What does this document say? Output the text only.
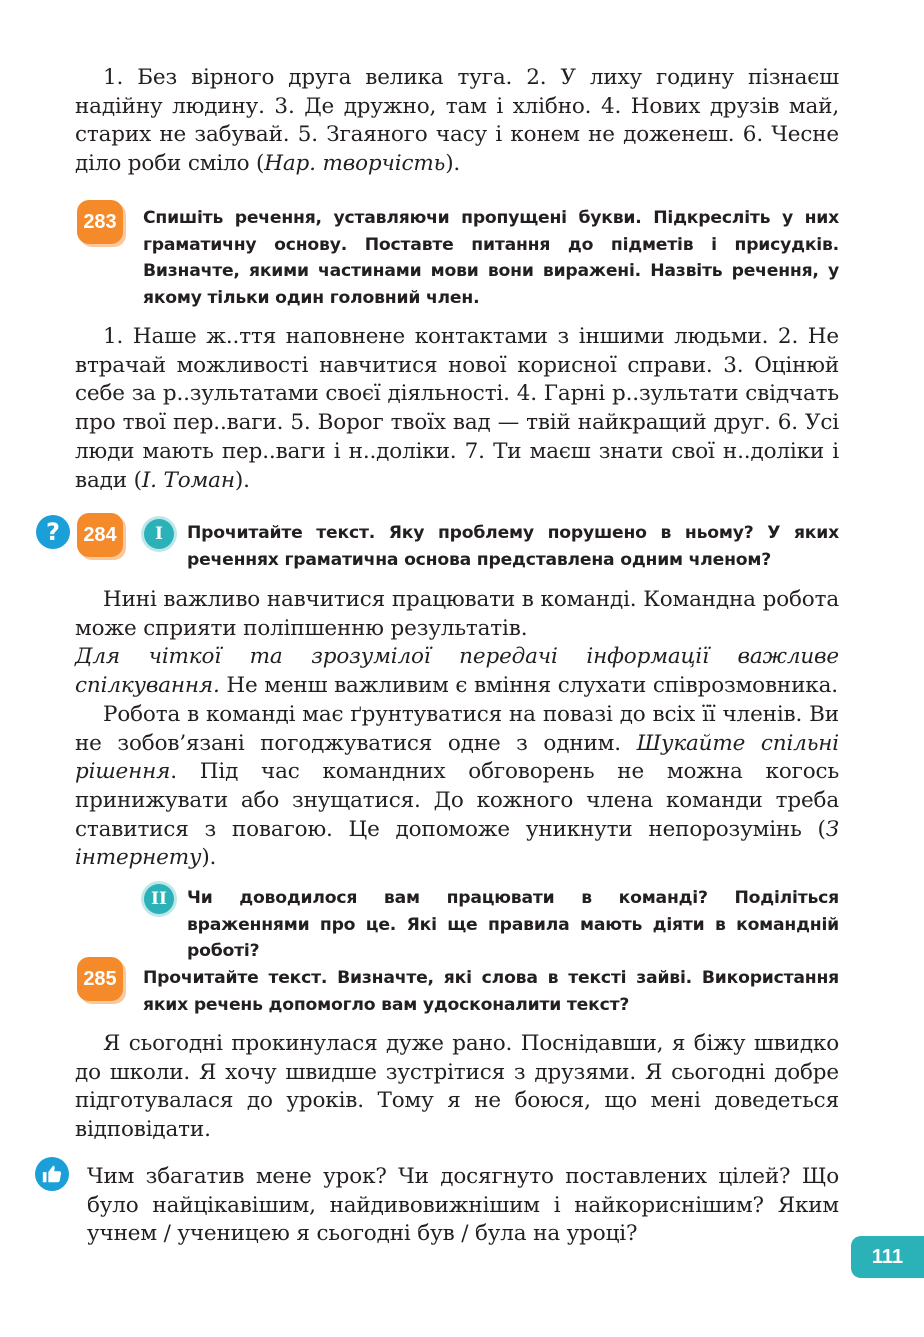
1. Без вірного друга велика туга. 2. У лиху годину пізнаєш надійну людину. 3. Де дружно, там і хлібно. 4. Нових друзів май, старих не забувай. 5. Згаяного часу і конем не доженеш. 6. Чесне діло роби сміло (Нар. творчість).

283	Спишіть речення, уставляючи пропущені букви. Підкресліть у них граматичну основу. Поставте питання до підметів і присудків. Визначте, якими частинами мови вони виражені. Назвіть речення, у якому тільки один головний член.

1. Наше ж..ття наповнене контактами з іншими людьми. 2. Не втрачай можливості навчитися нової корисної справи. 3. Оцінюй себе за р..зультатами своєї діяльності. 4. Гарні р..зультати свідчать про твої пер..ваги. 5. Ворог твоїх вад — твій найкращий друг. 6. Усі люди мають пер..ваги і н..доліки. 7. Ти маєш знати свої н..доліки і вади (І. Томан).

?	284	I	Прочитайте текст. Яку проблему порушено в ньому? У яких реченнях граматична основа представлена одним членом?

Нині важливо навчитися працювати в команді. Командна робота може сприяти поліпшенню результатів.

Для чіткої та зрозумілої передачі інформації важливе спілкування. Не менш важливим є вміння слухати співрозмовника.

Робота в команді має ґрунтуватися на повазі до всіх її членів. Ви не зобов’язані погоджуватися одне з одним. Шукайте спільні рішення. Під час командних обговорень не можна когось принижувати або знущатися. До кожного члена команди треба ставитися з повагою. Це допоможе уникнути непорозумінь (З інтернету).

II	Чи доводилося вам працювати в команді? Поділіться враженнями про це. Які ще правила мають діяти в командній роботі?
285	Прочитайте текст. Визначте, які слова в тексті зайві. Використання яких речень допомогло вам удосконалити текст?

Я сьогодні прокинулася дуже рано. Поснідавши, я біжу швидко до школи. Я хочу швидше зустрітися з друзями. Я сьогодні добре підготувалася до уроків. Тому я не боюся, що мені доведеться відповідати.

Чим збагатив мене урок? Чи досягнуто поставлених цілей? Що було найцікавішим, найдивовижнішим і найкориснішим? Яким учнем / ученицею я сьогодні був / була на уроці?

111
